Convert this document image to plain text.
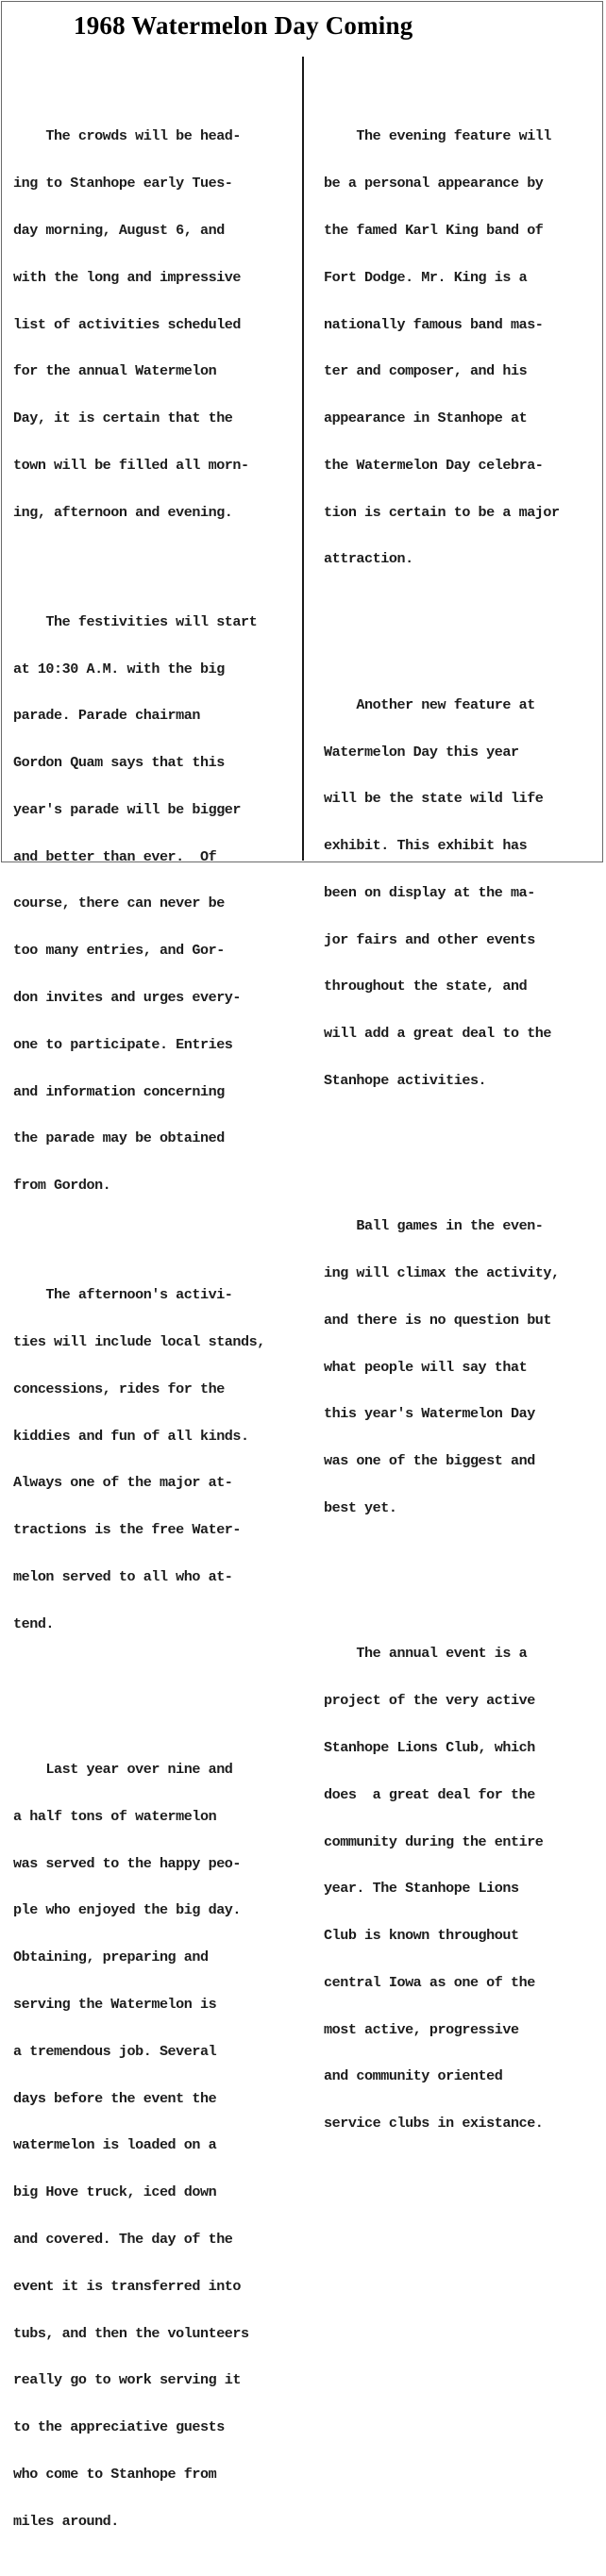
1968 Watermelon Day Coming

The crowds will be head-

ing to Stanhope early Tues-

day morning, August 6, and

with the long and impressive

list of activities scheduled

for the annual Watermelon

Day, it is certain that the

town will be filled all morn-

ing, afternoon and evening.

The festivities will start

at 10:30 A.M. with the big

parade. Parade chairman

Gordon Quam says that this

year's parade will be bigger

and better than ever.  Of

course, there can never be

too many entries, and Gor-

don invites and urges every-

one to participate. Entries

and information concerning

the parade may be obtained

from Gordon.

The afternoon's activi-

ties will include local stands,

concessions, rides for the

kiddies and fun of all kinds.

Always one of the major at-

tractions is the free Water-

melon served to all who at-

tend.

Last year over nine and

a half tons of watermelon

was served to the happy peo-

ple who enjoyed the big day.

Obtaining, preparing and

serving the Watermelon is

a tremendous job. Several

days before the event the

watermelon is loaded on a

big Hove truck, iced down

and covered. The day of the

event it is transferred into

tubs, and then the volunteers

really go to work serving it

to the appreciative guests

who come to Stanhope from

miles around.

The evening feature will

be a personal appearance by

the famed Karl King band of

Fort Dodge. Mr. King is a

nationally famous band mas-

ter and composer, and his

appearance in Stanhope at

the Watermelon Day celebra-

tion is certain to be a major

attraction.

Another new feature at

Watermelon Day this year

will be the state wild life

exhibit. This exhibit has

been on display at the ma-

jor fairs and other events

throughout the state, and

will add a great deal to the

Stanhope activities.

Ball games in the even-

ing will climax the activity,

and there is no question but

what people will say that

this year's Watermelon Day

was one of the biggest and

best yet.

The annual event is a

project of the very active

Stanhope Lions Club, which

does  a great deal for the

community during the entire

year. The Stanhope Lions

Club is known throughout

central Iowa as one of the

most active, progressive

and community oriented

service clubs in existance.
